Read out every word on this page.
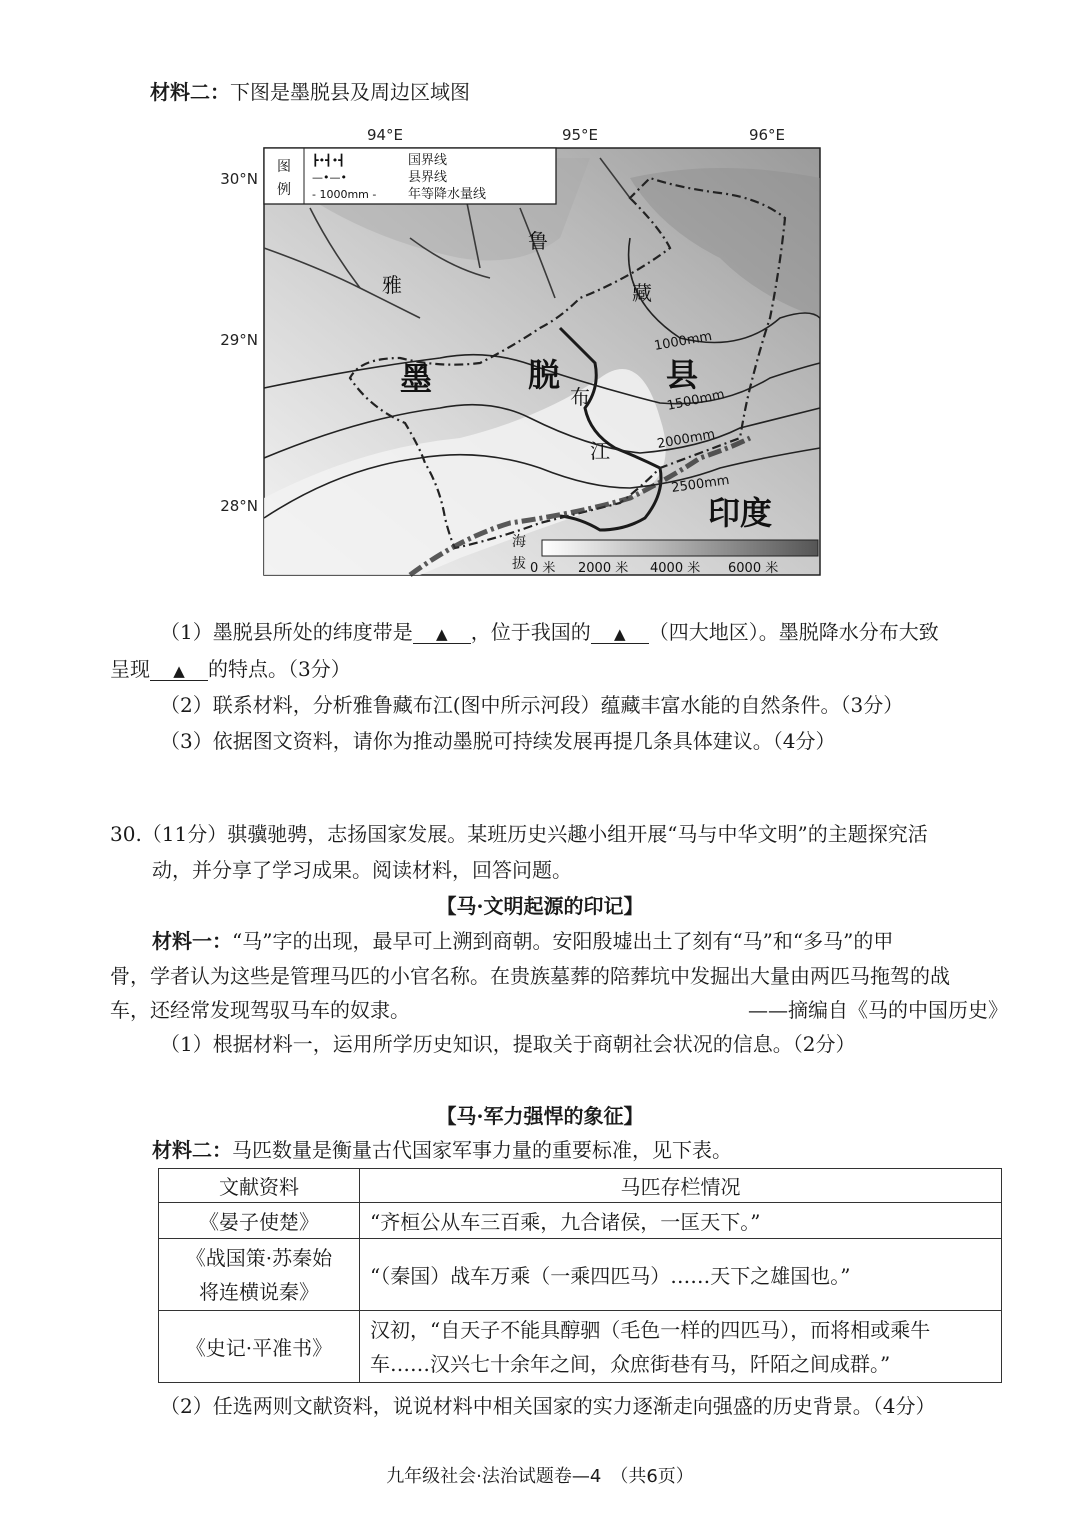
材料二：下图是墨脱县及周边区域图
94°E	95°E	96°E
30°N
29°N
28°N
1000mm
1500mm
2000mm
2500mm
雅
鲁
藏
布
江
墨	脱	县
印度
图
例
┣•┫•┫	国界线
—•—•	县界线
- 1000mm - 年等降水量线
海
拔 0 米 2000 米 4000 米 6000 米
（1）墨脱县所处的纬度带是 ▲ ，位于我国的 ▲ （四大地区）。墨脱降水分布大致
呈现 ▲ 的特点。（3分）
（2）联系材料，分析雅鲁藏布江(图中所示河段）蕴藏丰富水能的自然条件。（3分）
（3）依据图文资料，请你为推动墨脱可持续发展再提几条具体建议。（4分）
30.（11分）骐骥驰骋，志扬国家发展。某班历史兴趣小组开展“马与中华文明”的主题探究活
动，并分享了学习成果。阅读材料，回答问题。
【马·文明起源的印记】
材料一：“马”字的出现，最早可上溯到商朝。安阳殷墟出土了刻有“马”和“多马”的甲
骨，学者认为这些是管理马匹的小官名称。在贵族墓葬的陪葬坑中发掘出大量由两匹马拖驾的战
车，还经常发现驾驭马车的奴隶。	——摘编自《马的中国历史》
（1）根据材料一，运用所学历史知识，提取关于商朝社会状况的信息。（2分）
【马·军力强悍的象征】
材料二：马匹数量是衡量古代国家军事力量的重要标准，见下表。
文献资料	马匹存栏情况
《晏子使楚》	“齐桓公从车三百乘，九合诸侯，一匡天下。”

《战国策·苏秦始
将连横说秦》	“（秦国）战车万乘（一乘四匹马）……天下之雄国也。”
《史记·平准书》	汉初，“自天子不能具醇驷（毛色一样的四匹马），而将相或乘牛
车……汉兴七十余年之间，众庶街巷有马，阡陌之间成群。”
（2）任选两则文献资料，说说材料中相关国家的实力逐渐走向强盛的历史背景。（4分）
九年级社会·法治试题卷—4　（共6页）
